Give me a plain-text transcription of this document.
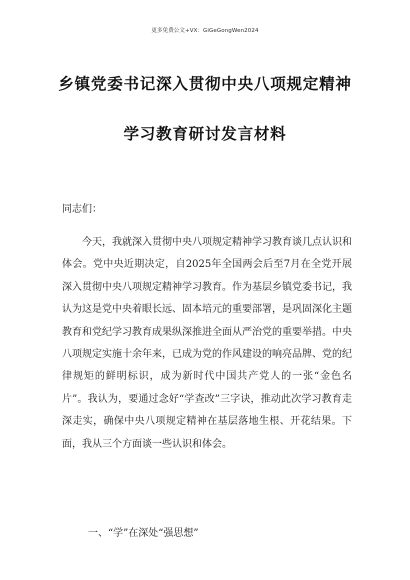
更多免费公文+VX：GiGeGongWen2024
乡镇党委书记深入贯彻中央八项规定精神
学习教育研讨发言材料
同志们：

今天，我就深入贯彻中央八项规定精神学习教育谈几点认识和体会。党中央近期决定，自2025年全国两会后至7月在全党开展深入贯彻中央八项规定精神学习教育。作为基层乡镇党委书记，我认为这是党中央着眼长远、固本培元的重要部署，是巩固深化主题教育和党纪学习教育成果纵深推进全面从严治党的重要举措。中央八项规定实施十余年来，已成为党的作风建设的响亮品牌、党的纪律规矩的鲜明标识，成为新时代中国共产党人的一张“金色名片”。我认为，要通过念好“学查改”三字诀，推动此次学习教育走深走实，确保中央八项规定精神在基层落地生根、开花结果。下面，我从三个方面谈一些认识和体会。

一、“学”在深处“强思想”
